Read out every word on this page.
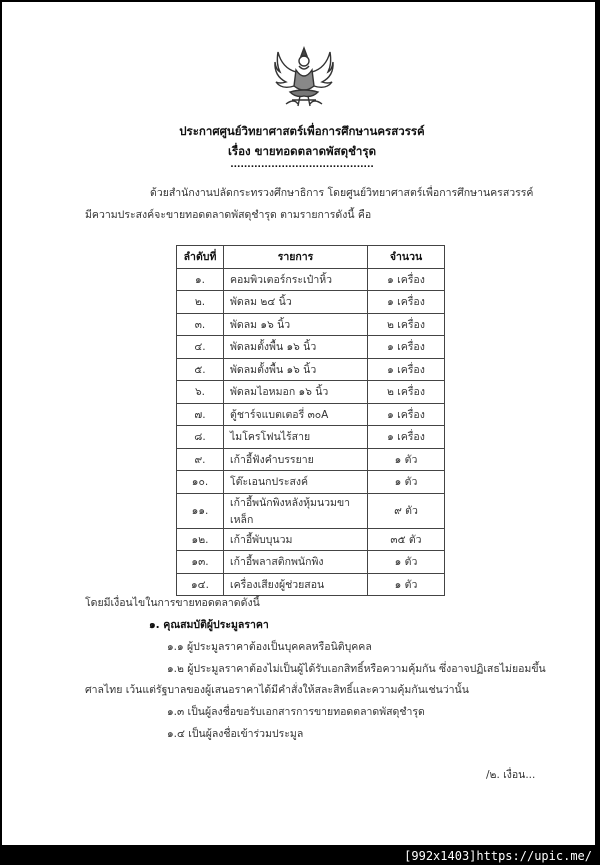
ประกาศศูนย์วิทยาศาสตร์เพื่อการศึกษานครสวรรค์
เรื่อง ขายทอดตลาดพัสดุชำรุด
..........................................
ด้วยสำนักงานปลัดกระทรวงศึกษาธิการ โดยศูนย์วิทยาศาสตร์เพื่อการศึกษานครสวรรค์
มีความประสงค์จะขายทอดตลาดพัสดุชำรุด ตามรายการดังนี้ คือ
ลำดับที่	รายการ	จำนวน
๑.	คอมพิวเตอร์กระเป๋าหิ้ว	๑ เครื่อง
๒.	พัดลม ๒๔ นิ้ว	๑ เครื่อง
๓.	พัดลม ๑๖ นิ้ว	๒ เครื่อง
๔.	พัดลมตั้งพื้น ๑๖ นิ้ว	๑ เครื่อง
๕.	พัดลมตั้งพื้น ๑๖ นิ้ว	๑ เครื่อง
๖.	พัดลมไอหมอก ๑๖ นิ้ว	๒ เครื่อง
๗.	ตู้ชาร์จแบตเตอรี่ ๓๐A	๑ เครื่อง
๘.	ไมโครโฟนไร้สาย	๑ เครื่อง
๙.	เก้าอี้ฟังคำบรรยาย	๑ ตัว
๑๐.	โต๊ะเอนกประสงค์	๑ ตัว
๑๑.	เก้าอี้พนักพิงหลังหุ้มนวมขาเหล็ก	๙ ตัว
๑๒.	เก้าอี้พับบุนวม	๓๕ ตัว
๑๓.	เก้าอี้พลาสติกพนักพิง	๑ ตัว
๑๔.	เครื่องเสียงผู้ช่วยสอน	๑ ตัว
โดยมีเงื่อนไขในการขายทอดตลาดดังนี้
๑. คุณสมบัติผู้ประมูลราคา
๑.๑ ผู้ประมูลราคาต้องเป็นบุคคลหรือนิติบุคคล
๑.๒ ผู้ประมูลราคาต้องไม่เป็นผู้ได้รับเอกสิทธิ์หรือความคุ้มกัน ซึ่งอาจปฏิเสธไม่ยอมขึ้น
ศาลไทย เว้นแต่รัฐบาลของผู้เสนอราคาได้มีคำสั่งให้สละสิทธิ์และความคุ้มกันเช่นว่านั้น
๑.๓ เป็นผู้ลงชื่อขอรับเอกสารการขายทอดตลาดพัสดุชำรุด
๑.๔ เป็นผู้ลงชื่อเข้าร่วมประมูล
/๒. เงื่อน...
[992x1403]https://upic.me/
